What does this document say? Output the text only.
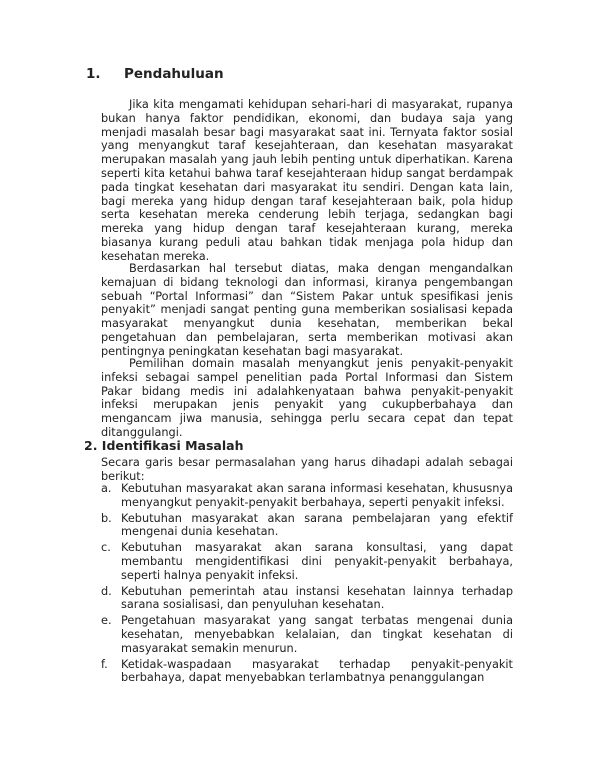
1.	Pendahuluan

Jika kita mengamati kehidupan sehari-hari di masyarakat, rupanya bukan hanya faktor pendidikan, ekonomi, dan budaya saja yang menjadi masalah besar bagi masyarakat saat ini. Ternyata faktor sosial yang menyangkut taraf kesejahteraan, dan kesehatan masyarakat merupakan masalah yang jauh lebih penting untuk diperhatikan. Karena seperti kita ketahui bahwa taraf kesejahteraan hidup sangat berdampak pada tingkat kesehatan dari masyarakat itu sendiri. Dengan kata lain, bagi mereka yang hidup dengan taraf kesejahteraan baik, pola hidup serta kesehatan mereka cenderung lebih terjaga, sedangkan bagi mereka yang hidup dengan taraf kesejahteraan kurang, mereka biasanya kurang peduli atau bahkan tidak menjaga pola hidup dan kesehatan mereka.

Berdasarkan hal tersebut diatas, maka dengan mengandalkan kemajuan di bidang teknologi dan informasi, kiranya pengembangan sebuah “Portal Informasi” dan “Sistem Pakar untuk spesifikasi jenis penyakit” menjadi sangat penting guna memberikan sosialisasi kepada masyarakat menyangkut dunia kesehatan, memberikan bekal pengetahuan dan pembelajaran, serta memberikan motivasi akan pentingnya peningkatan kesehatan bagi masyarakat.

Pemilihan domain masalah menyangkut jenis penyakit-penyakit infeksi sebagai sampel penelitian pada Portal Informasi dan Sistem Pakar bidang medis ini adalahkenyataan bahwa penyakit-penyakit infeksi merupakan jenis penyakit yang cukupberbahaya dan mengancam jiwa manusia, sehingga perlu secara cepat dan tepat ditanggulangi.

2. Identifikasi Masalah

Secara garis besar permasalahan yang harus dihadapi adalah sebagai berikut:

a. Kebutuhan masyarakat akan sarana informasi kesehatan, khususnya menyangkut penyakit-penyakit berbahaya, seperti penyakit infeksi.
b. Kebutuhan masyarakat akan sarana pembelajaran yang efektif mengenai dunia kesehatan.
c. Kebutuhan masyarakat akan sarana konsultasi, yang dapat membantu mengidentifikasi dini penyakit-penyakit berbahaya, seperti halnya penyakit infeksi.
d. Kebutuhan pemerintah atau instansi kesehatan lainnya terhadap sarana sosialisasi, dan penyuluhan kesehatan.
e. Pengetahuan masyarakat yang sangat terbatas mengenai dunia kesehatan, menyebabkan kelalaian, dan tingkat kesehatan di masyarakat semakin menurun.
f. Ketidak-waspadaan masyarakat terhadap penyakit-penyakit berbahaya, dapat menyebabkan terlambatnya penanggulangan
